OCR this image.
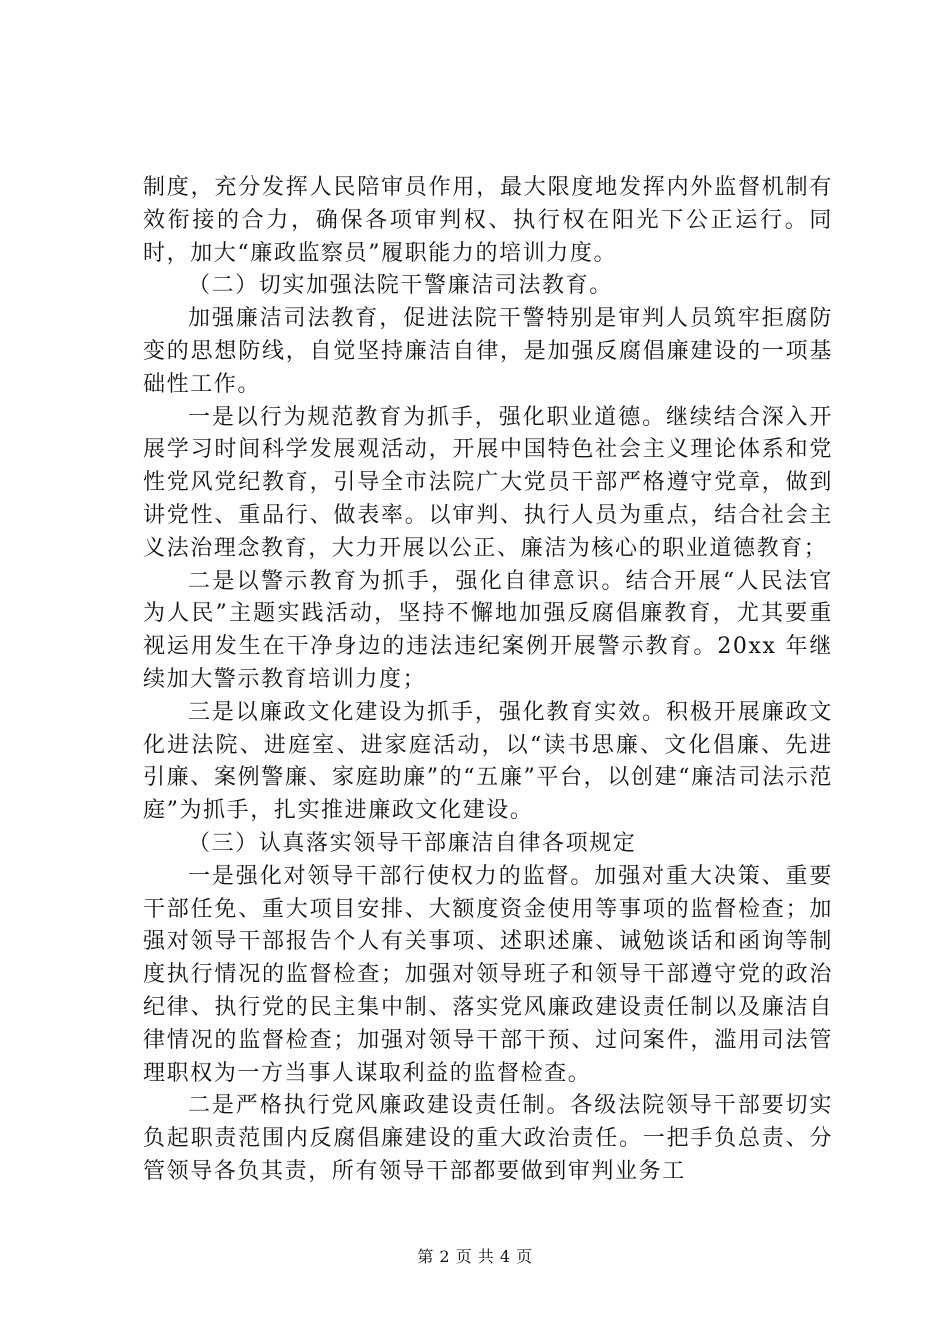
制度，充分发挥人民陪审员作用，最大限度地发挥内外监督机制有效衔接的合力，确保各项审判权、执行权在阳光下公正运行。同时，加大“廉政监察员”履职能力的培训力度。

（二）切实加强法院干警廉洁司法教育。

加强廉洁司法教育，促进法院干警特别是审判人员筑牢拒腐防变的思想防线，自觉坚持廉洁自律，是加强反腐倡廉建设的一项基础性工作。

一是以行为规范教育为抓手，强化职业道德。继续结合深入开展学习时间科学发展观活动，开展中国特色社会主义理论体系和党性党风党纪教育，引导全市法院广大党员干部严格遵守党章，做到讲党性、重品行、做表率。以审判、执行人员为重点，结合社会主义法治理念教育，大力开展以公正、廉洁为核心的职业道德教育；

二是以警示教育为抓手，强化自律意识。结合开展“人民法官为人民”主题实践活动，坚持不懈地加强反腐倡廉教育，尤其要重视运用发生在干净身边的违法违纪案例开展警示教育。20xx 年继续加大警示教育培训力度；

三是以廉政文化建设为抓手，强化教育实效。积极开展廉政文化进法院、进庭室、进家庭活动，以“读书思廉、文化倡廉、先进引廉、案例警廉、家庭助廉”的“五廉”平台，以创建“廉洁司法示范庭”为抓手，扎实推进廉政文化建设。

（三）认真落实领导干部廉洁自律各项规定

一是强化对领导干部行使权力的监督。加强对重大决策、重要干部任免、重大项目安排、大额度资金使用等事项的监督检查；加强对领导干部报告个人有关事项、述职述廉、诫勉谈话和函询等制度执行情况的监督检查；加强对领导班子和领导干部遵守党的政治纪律、执行党的民主集中制、落实党风廉政建设责任制以及廉洁自律情况的监督检查；加强对领导干部干预、过问案件，滥用司法管理职权为一方当事人谋取利益的监督检查。

二是严格执行党风廉政建设责任制。各级法院领导干部要切实负起职责范围内反腐倡廉建设的重大政治责任。一把手负总责、分管领导各负其责，所有领导干部都要做到审判业务工

第 2 页 共 4 页
